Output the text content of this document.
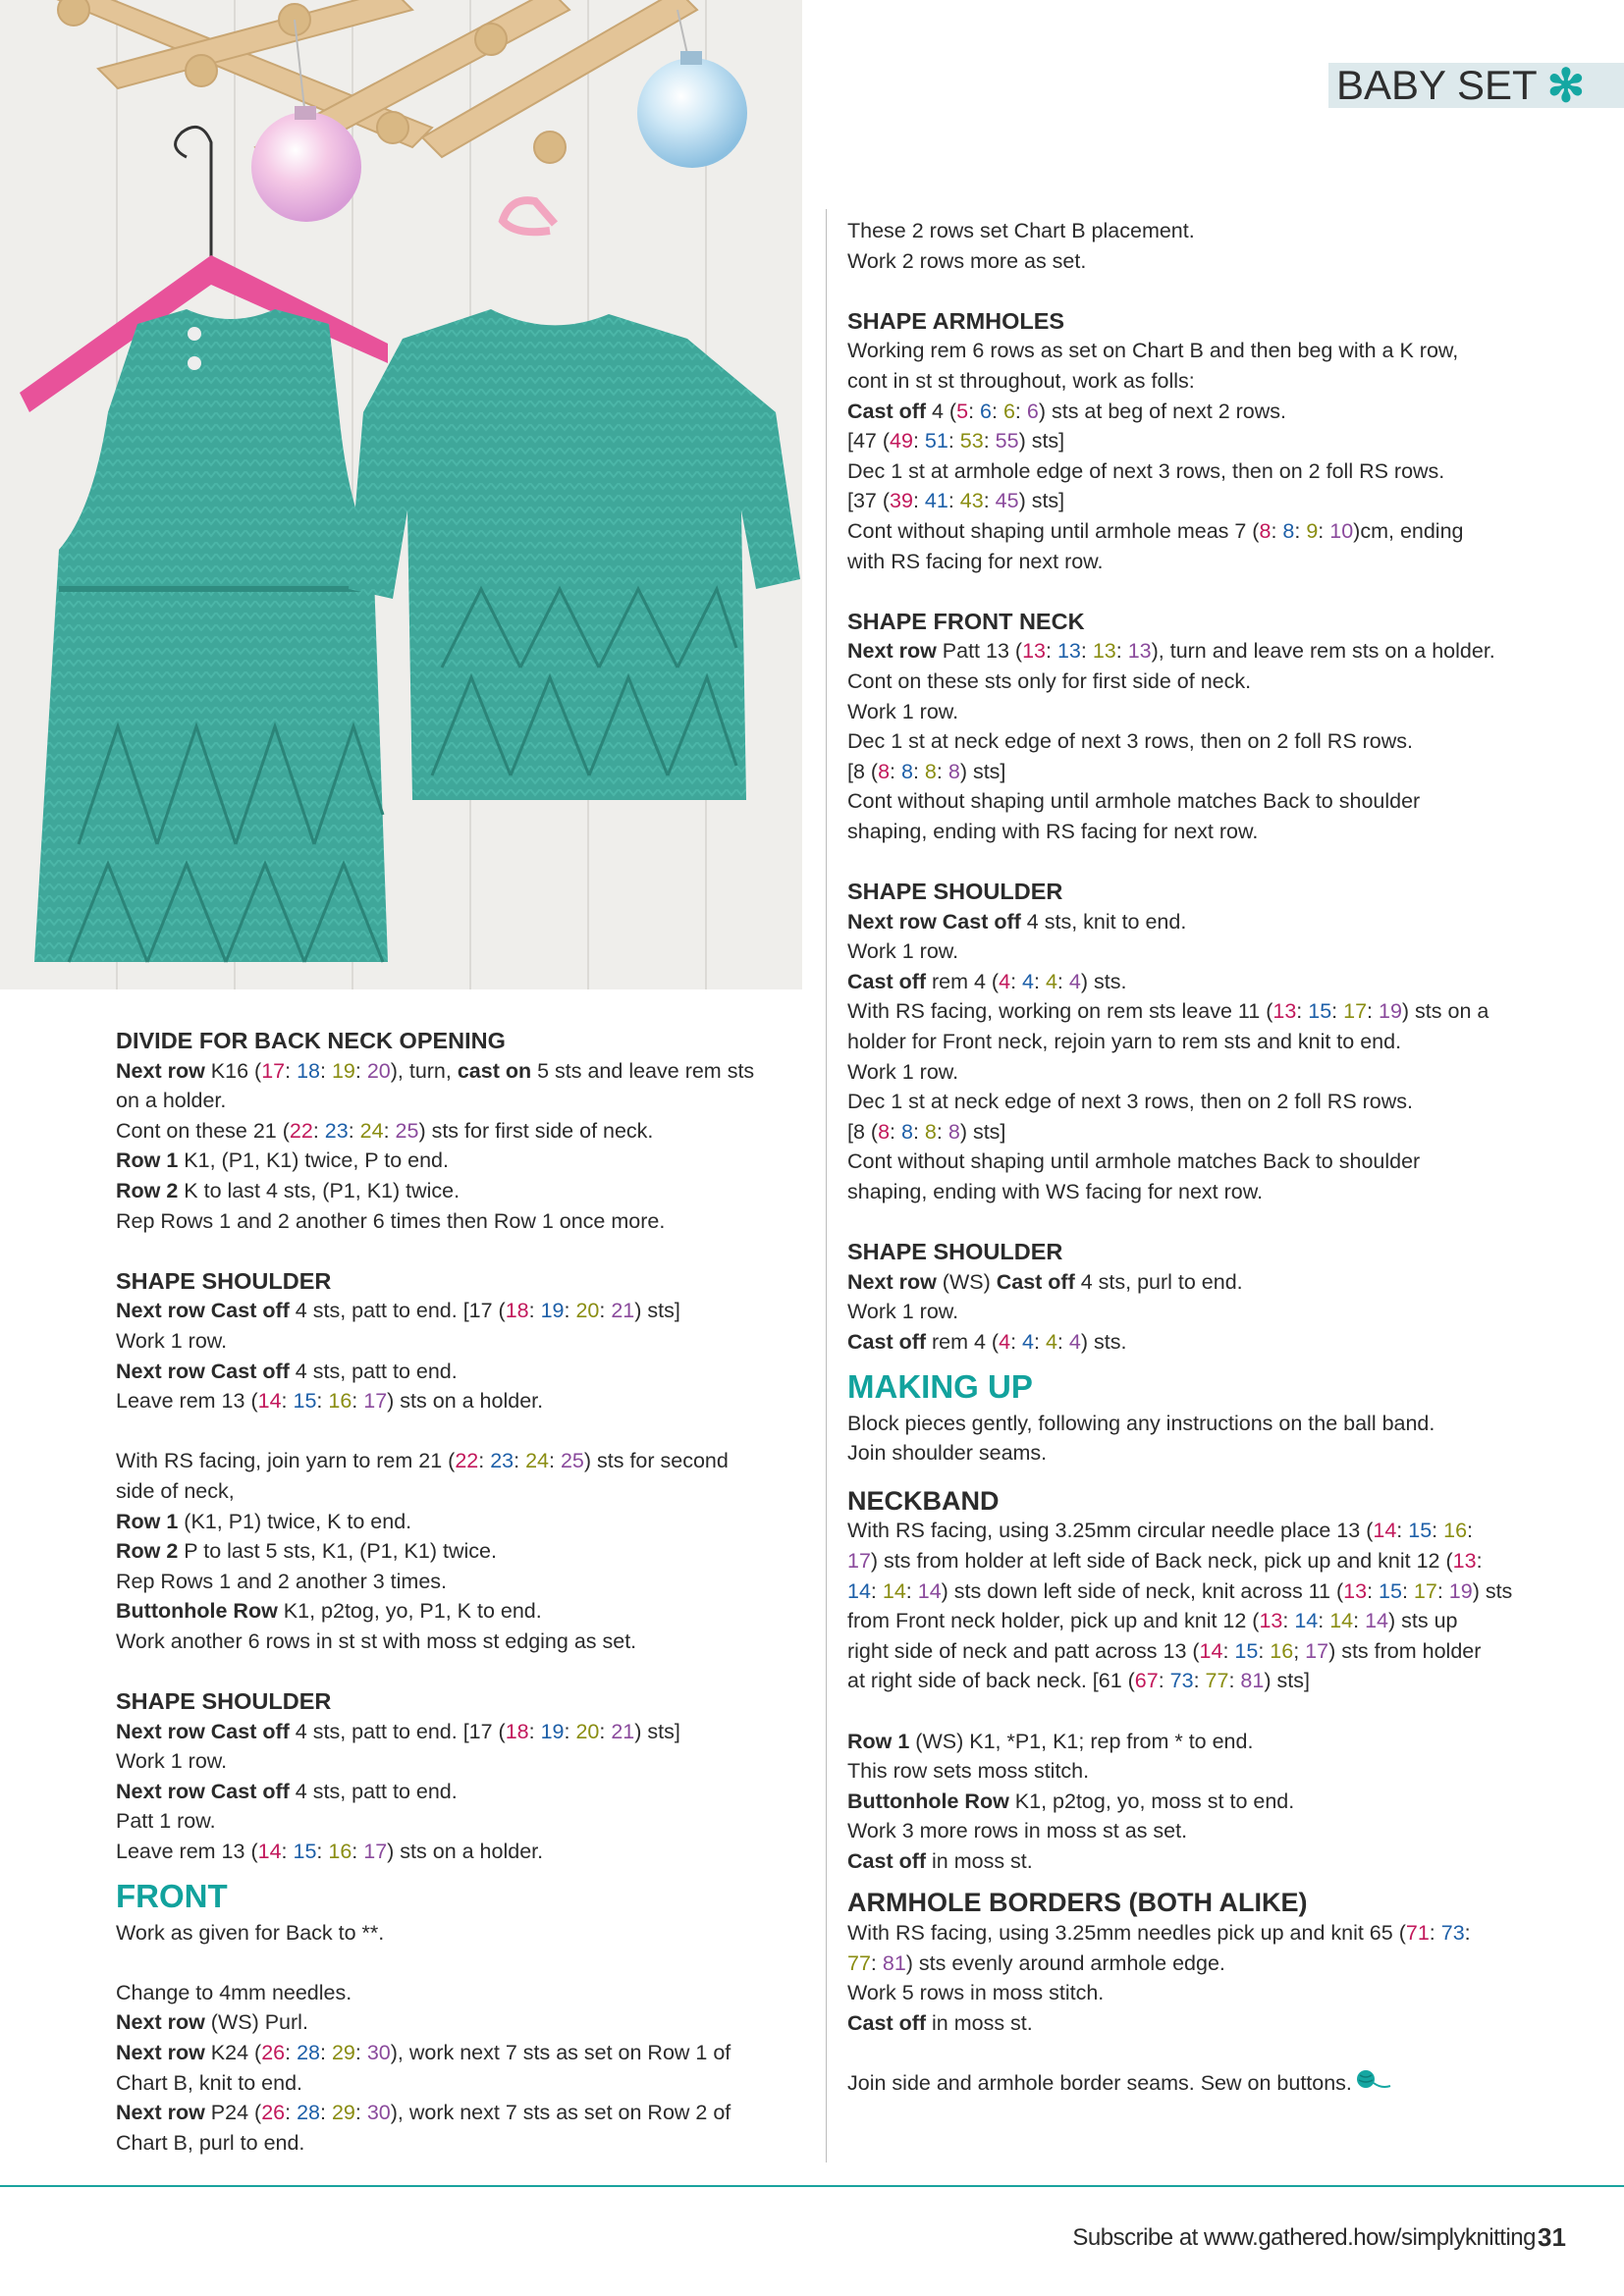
BABY SET ✻

DIVIDE FOR BACK NECK OPENING

Next row K16 (17: 18: 19: 20), turn, cast on 5 sts and leave rem sts

on a holder.

Cont on these 21 (22: 23: 24: 25) sts for first side of neck.

Row 1 K1, (P1, K1) twice, P to end.

Row 2 K to last 4 sts, (P1, K1) twice.

Rep Rows 1 and 2 another 6 times then Row 1 once more.

SHAPE SHOULDER

Next row Cast off 4 sts, patt to end. [17 (18: 19: 20: 21) sts]

Work 1 row.

Next row Cast off 4 sts, patt to end.

Leave rem 13 (14: 15: 16: 17) sts on a holder.

With RS facing, join yarn to rem 21 (22: 23: 24: 25) sts for second

side of neck,

Row 1 (K1, P1) twice, K to end.

Row 2 P to last 5 sts, K1, (P1, K1) twice.

Rep Rows 1 and 2 another 3 times.

Buttonhole Row K1, p2tog, yo, P1, K to end.

Work another 6 rows in st st with moss st edging as set.

SHAPE SHOULDER

Next row Cast off 4 sts, patt to end. [17 (18: 19: 20: 21) sts]

Work 1 row.

Next row Cast off 4 sts, patt to end.

Patt 1 row.

Leave rem 13 (14: 15: 16: 17) sts on a holder.

FRONT

Work as given for Back to **.

Change to 4mm needles.

Next row (WS) Purl.

Next row K24 (26: 28: 29: 30), work next 7 sts as set on Row 1 of

Chart B, knit to end.

Next row P24 (26: 28: 29: 30), work next 7 sts as set on Row 2 of

Chart B, purl to end.

These 2 rows set Chart B placement.

Work 2 rows more as set.

SHAPE ARMHOLES

Working rem 6 rows as set on Chart B and then beg with a K row,

cont in st st throughout, work as folls:

Cast off 4 (5: 6: 6: 6) sts at beg of next 2 rows.

[47 (49: 51: 53: 55) sts]

Dec 1 st at armhole edge of next 3 rows, then on 2 foll RS rows.

[37 (39: 41: 43: 45) sts]

Cont without shaping until armhole meas 7 (8: 8: 9: 10)cm, ending

with RS facing for next row.

SHAPE FRONT NECK

Next row Patt 13 (13: 13: 13: 13), turn and leave rem sts on a holder.

Cont on these sts only for first side of neck.

Work 1 row.

Dec 1 st at neck edge of next 3 rows, then on 2 foll RS rows.

[8 (8: 8: 8: 8) sts]

Cont without shaping until armhole matches Back to shoulder

shaping, ending with RS facing for next row.

SHAPE SHOULDER

Next row Cast off 4 sts, knit to end.

Work 1 row.

Cast off rem 4 (4: 4: 4: 4) sts.

With RS facing, working on rem sts leave 11 (13: 15: 17: 19) sts on a

holder for Front neck, rejoin yarn to rem sts and knit to end.

Work 1 row.

Dec 1 st at neck edge of next 3 rows, then on 2 foll RS rows.

[8 (8: 8: 8: 8) sts]

Cont without shaping until armhole matches Back to shoulder

shaping, ending with WS facing for next row.

SHAPE SHOULDER

Next row (WS) Cast off 4 sts, purl to end.

Work 1 row.

Cast off rem 4 (4: 4: 4: 4) sts.

MAKING UP

Block pieces gently, following any instructions on the ball band.

Join shoulder seams.

NECKBAND

With RS facing, using 3.25mm circular needle place 13 (14: 15: 16:

17) sts from holder at left side of Back neck, pick up and knit 12 (13:

14: 14: 14) sts down left side of neck, knit across 11 (13: 15: 17: 19) sts

from Front neck holder, pick up and knit 12 (13: 14: 14: 14) sts up

right side of neck and patt across 13 (14: 15: 16; 17) sts from holder

at right side of back neck. [61 (67: 73: 77: 81) sts]

Row 1 (WS) K1, *P1, K1; rep from * to end.

This row sets moss stitch.

Buttonhole Row K1, p2tog, yo, moss st to end.

Work 3 more rows in moss st as set.

Cast off in moss st.

ARMHOLE BORDERS (BOTH ALIKE)

With RS facing, using 3.25mm needles pick up and knit 65 (71: 73:

77: 81) sts evenly around armhole edge.

Work 5 rows in moss stitch.

Cast off in moss st.

Join side and armhole border seams. Sew on buttons.

Subscribe at www.gathered.how/simplyknitting 31
